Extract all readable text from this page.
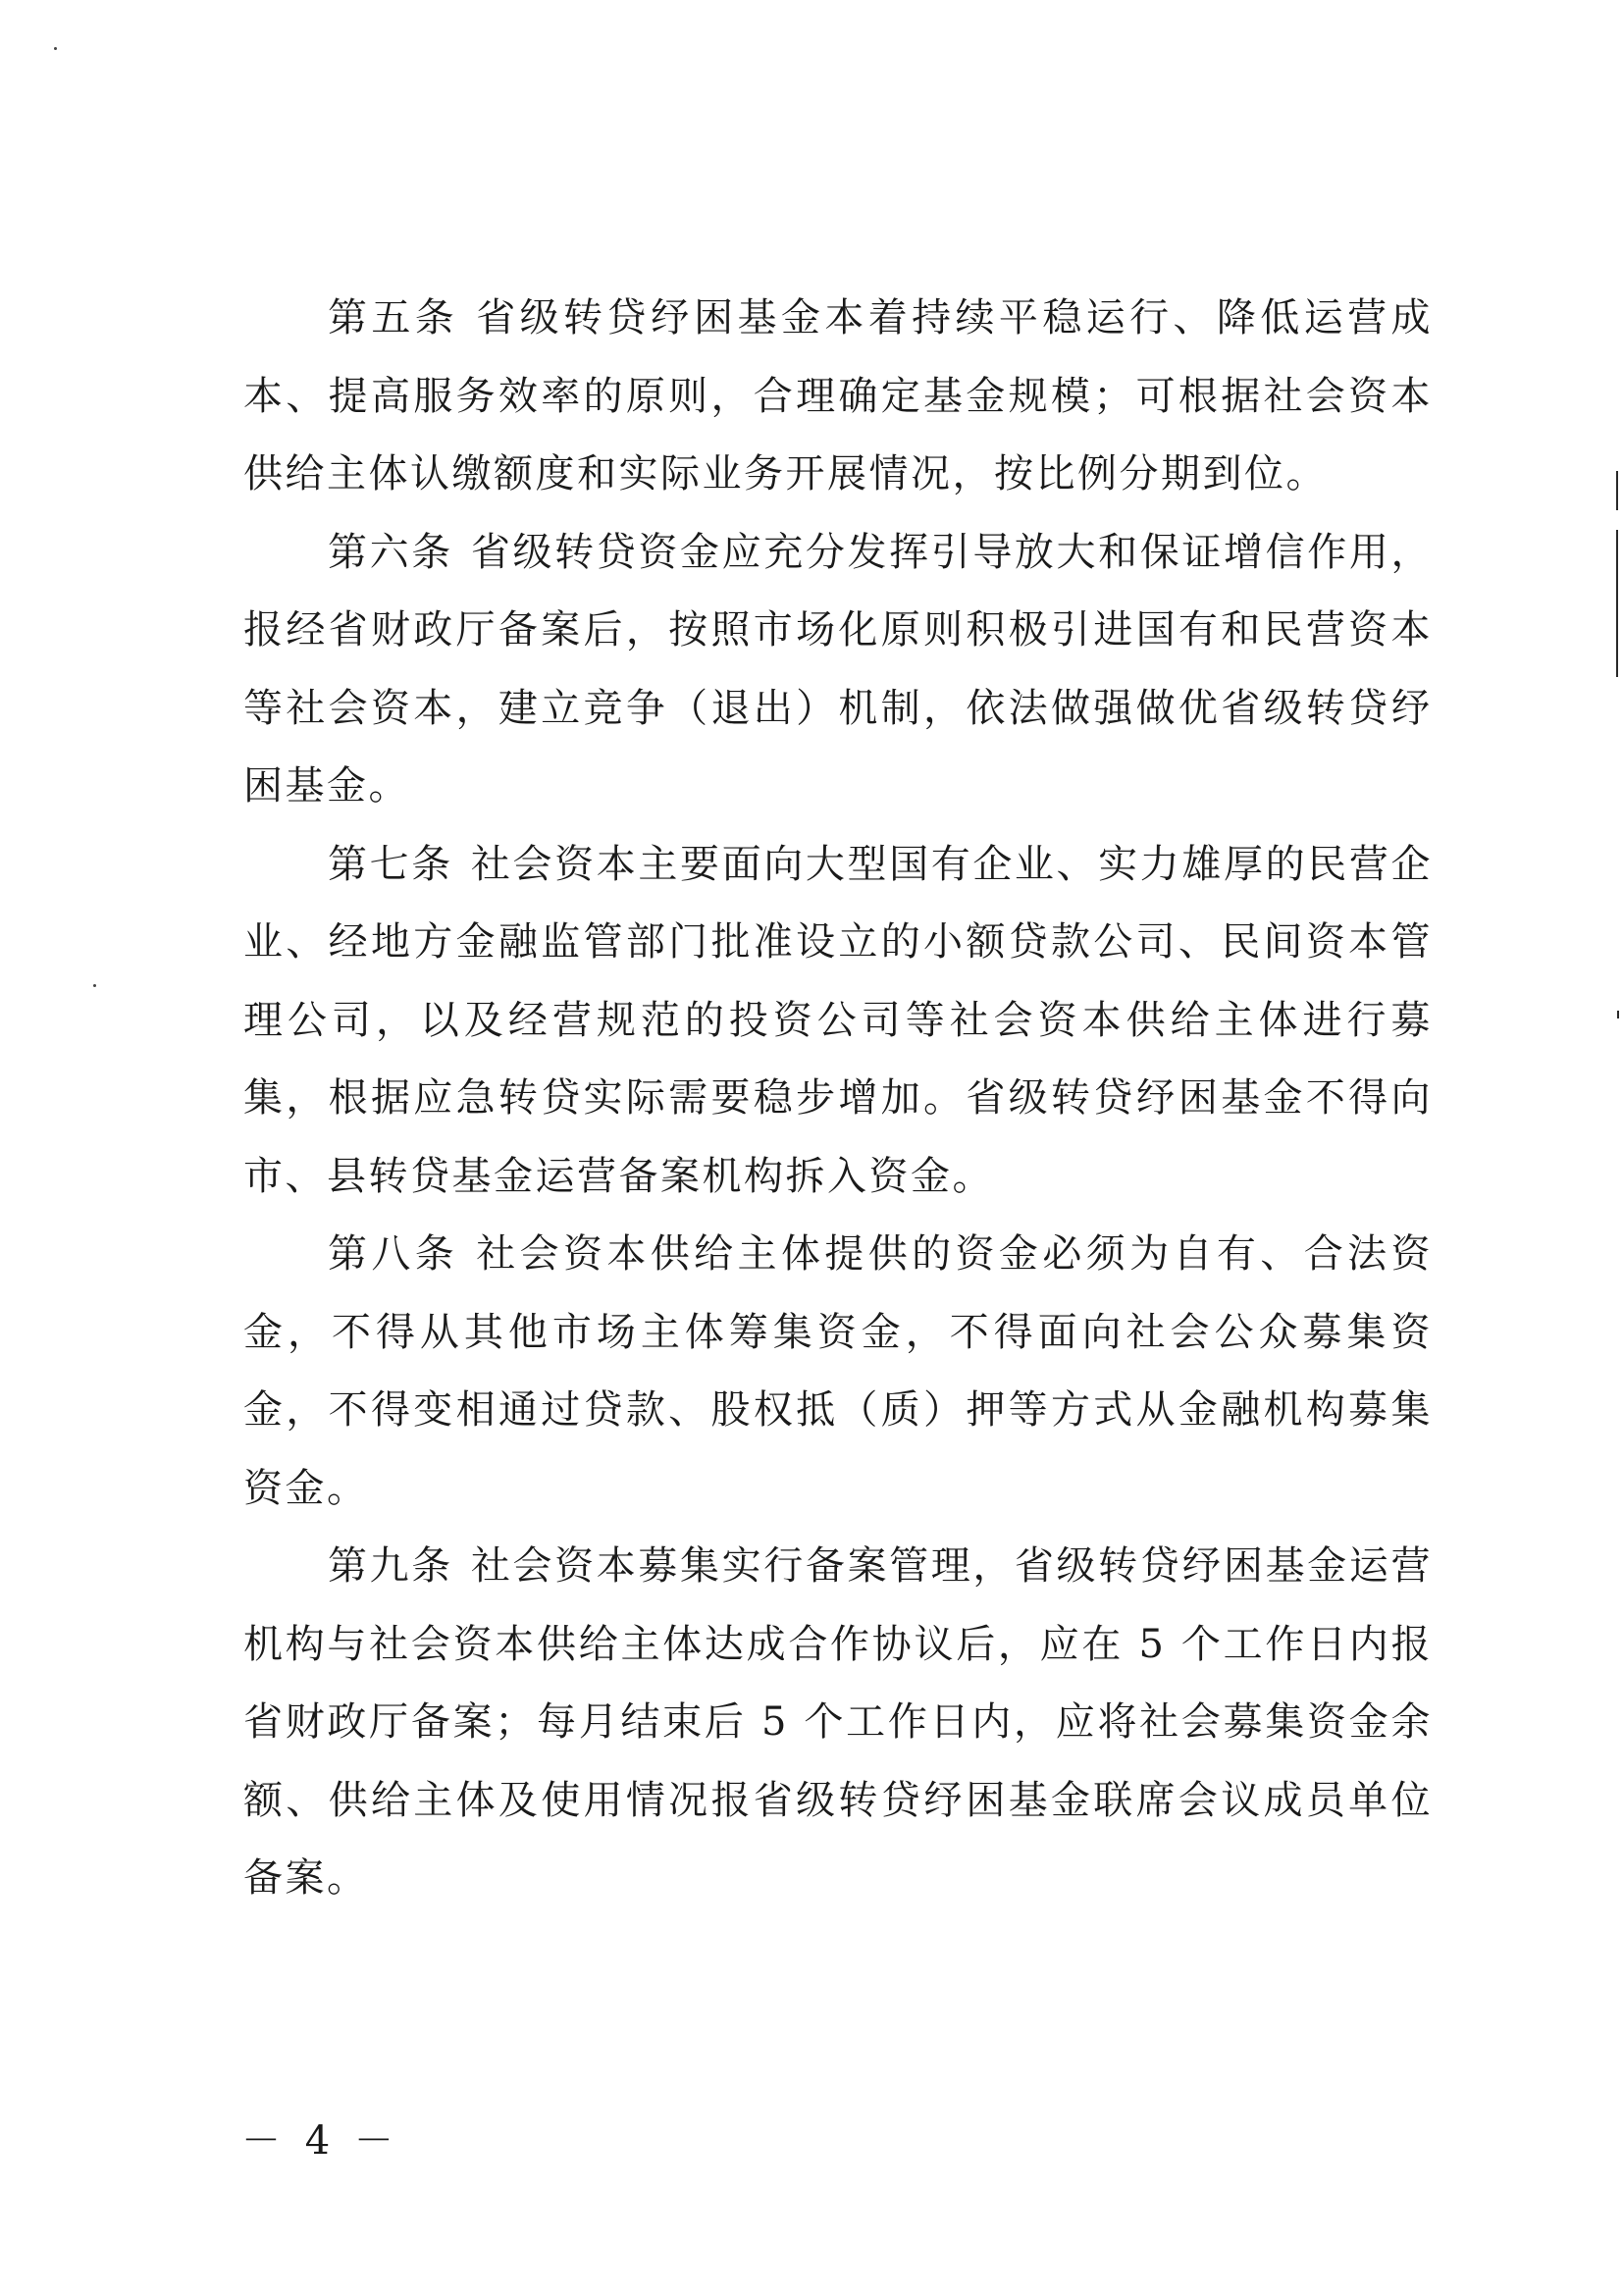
第五条 省级转贷纾困基金本着持续平稳运行、降低运营成本、提高服务效率的原则，合理确定基金规模；可根据社会资本供给主体认缴额度和实际业务开展情况，按比例分期到位。

第六条 省级转贷资金应充分发挥引导放大和保证增信作用，报经省财政厅备案后，按照市场化原则积极引进国有和民营资本等社会资本，建立竞争（退出）机制，依法做强做优省级转贷纾困基金。

第七条 社会资本主要面向大型国有企业、实力雄厚的民营企业、经地方金融监管部门批准设立的小额贷款公司、民间资本管理公司，以及经营规范的投资公司等社会资本供给主体进行募集，根据应急转贷实际需要稳步增加。省级转贷纾困基金不得向市、县转贷基金运营备案机构拆入资金。

第八条 社会资本供给主体提供的资金必须为自有、合法资金，不得从其他市场主体筹集资金，不得面向社会公众募集资金，不得变相通过贷款、股权抵（质）押等方式从金融机构募集资金。

第九条 社会资本募集实行备案管理，省级转贷纾困基金运营机构与社会资本供给主体达成合作协议后，应在 5 个工作日内报省财政厅备案；每月结束后 5 个工作日内，应将社会募集资金余额、供给主体及使用情况报省级转贷纾困基金联席会议成员单位备案。

－ 4 －
